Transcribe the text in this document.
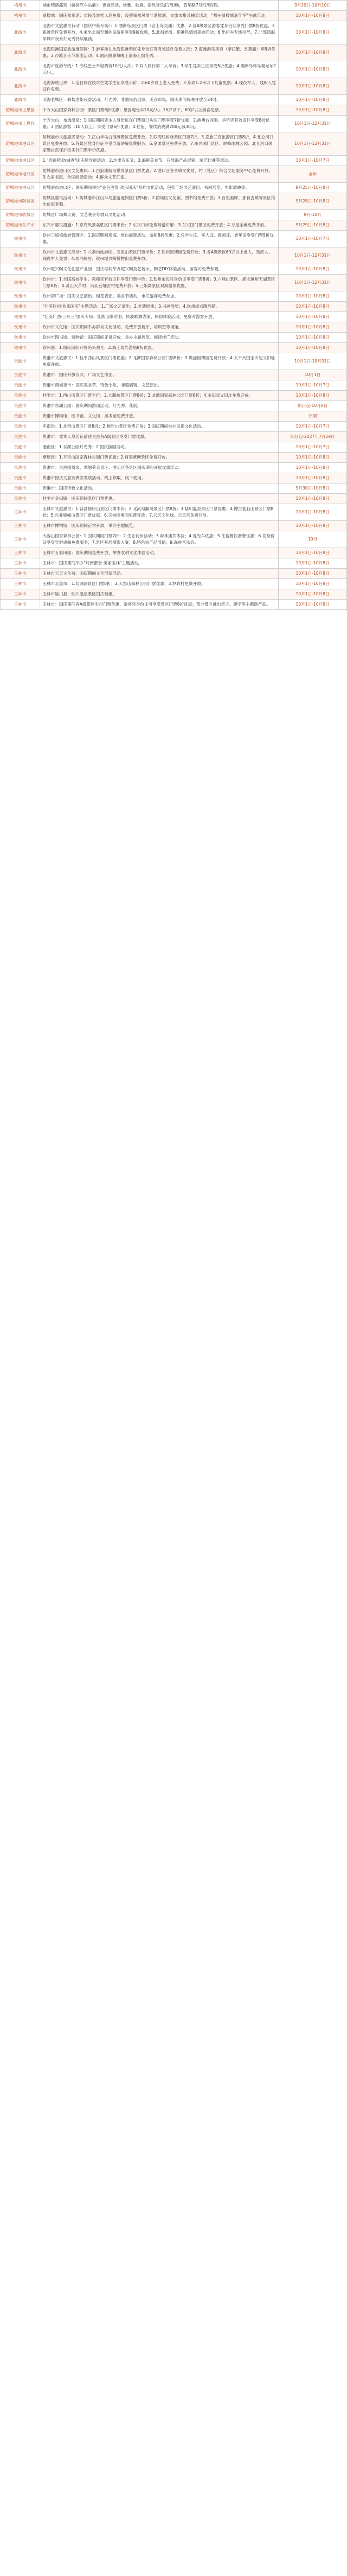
梧州市	城市啤酒露营（藤县汽车站前）：夜游活动、炮雅、歌舞、国风音乐汇/周/晚，普华路7号灯/周/晚。	9月29日-10月10日
梧州市	骑楼城：国庆欢乐派：市民及游客入场免费，设置骑楼风情非遗展演、文旅市集及抽奖活动，"梧州骑楼城嘉年华"主题活动。	10月1日-10月8日
北海市	北海市文旅惠民行动（国庆中秋专场）：1.涠洲岛景区门票（含上岛交通）优惠，2.各A级景区游客凭身份证享受门票8折优惠，3.银滩景区免费开放，4.乘坐北海至涠洲岛游船享受9折优惠，5.北海老街、侨港风情街夜游活动，6.出租车专线引导，7.北部湾海岸城市夜景灯光秀持续展演。	10月1日-10月8日
北海市	北海银滩国家旅游度假区：1.游客前往北海银滩景区凭身份证等有效证件免票入园；2.海滩游乐项目（摩托艇、香蕉船）享8折优惠；3.沙滩音乐节演出活动；4.国庆假期每晚上演海上烟花秀。	10月1日-10月8日
北海市	北海市旅游专线：1.专线巴士单程票价10元/人次；2.双人同行第二人半价；3.学生凭学生证享受5折优惠；4.涠洲岛环岛观光车2元/人。	10月1日-10月8日
北海市	北海海底世界：1.全日制在校学生凭学生证享受半价；2.60岁以上老人免费；3.身高1.2米以下儿童免票；4.现役军人、残疾人凭证件免票。	10月1日-10月8日
北海市	北海老城区：骑楼老街夜游活动，灯光秀、非遗民俗展演、美食市集，国庆期间每晚开放至24时。	10月1日-10月8日
防城港市上思县	十万大山国家森林公园：景区门票8折优惠；景区观光车10元/人；15岁以下、60岁以上游客免票。	10月1日-10月8日
防城港市上思县	十万大山、布透温泉：1.国庆期间凭本人身份证在门票窗口购买门票享受7折优惠；2.港澳台同胞、华侨凭有效证件享受8折优惠；3.团队游客（10人以上）享受门票6折优惠；4.住宿、餐饮消费满200元减30元。	10月1日-12月31日
防城港市港口区	防城港市文旅惠民活动：1.江山半岛白浪滩景区免费开放，2.西湾红树林景区门票7折，3.京族三岛旅游区门票8折，4.北仑河口景区免费开放，5.各景区凭身份证享受导游讲解免费服务，6.金滩景区免费开放，7.东兴国门景区、屏峰雨林公园、北仑河口国家级自然保护区实行门票半价优惠。	10月1日-12月31日
防城港市港口区	1."奔跑吧·防城港"国庆健身跑活动；2.沙滩音乐节；3.海鲜美食节，开展海产品展销、厨艺比赛等活动。	10月1日-10月7日
防城港市港口区	防城港市港口区文化惠民：1.白浪滩航母世界景区门票优惠；2.港口区各乡镇文化站、村（社区）综合文化服务中心免费开放；3.农家书屋、全民阅读活动；4.群众文艺汇演。	全年
防城港市港口区	防城港市港口区：国庆期间举办"金色港湾·欢乐国庆"系列文化活动，包括广场文艺演出、书画展览、电影放映等。	9月25日-10月8日
防城港市防城区	防城区惠民活动：1.防城港市江山半岛旅游度假区门票5折；2.防城区文化馆、图书馆免费开放；3.百里画廊、那良古镇等景区推出优惠套餐。	9月28日-10月8日
防城港市防城区	防城区广场舞大赛、文艺晚会等群众文化活动。	9月-10月
防城港市东兴市	东兴市惠民措施：1.京岛风景名胜区门票半价；2.东兴口岸免费导游讲解；3.东兴国门景区免费开放；4.万尾金滩免费开放。	9月29日-10月8日
钦州市	钦州三娘湾旅游管理区：1.国庆期间观海、赏白海豚活动，游船8折优惠；2.凭学生证、军人证、教师证、老年证享受门票5折优惠。	10月1日-10月7日
钦州市	钦州市文旅惠民活动：1.八寨沟旅游区、五皇山景区门票半价；2.钦州园博园免费开放；3.各A级景区60岁以上老人、残疾人、现役军人免票；4.刘冯故居、钦州坭兴陶博物馆免费开放。	10月1日-12月31日
钦州市	钦州坭兴陶文化创意产业园：国庆期间举办坭兴陶技艺展示、陶艺DIY体验活动，游客可免费参观。	10月1日-10月8日
钦州市	钦州市：1.全国高校学生、教师凭有效证件享受门票半价；2.钦州市民凭身份证享受门票8折；3.六峰山景区、浦北越州天湖景区门票8折；4.灵山大芦村、浦北石埇古村免费开放；5.三娘湾景区观海船票优惠。	10月1日-12月31日
钦州市	钦州湾广场：国庆文艺演出、烟花表演、美食节活动，市民游客免费参加。	10月1日-10月8日
钦州市	"壮美钦州·欢乐国庆"主题活动：1.广场文艺演出；2.非遗展演；3.书画展览；4.钦州坭兴陶展销。	10月1日-10月8日
钦州市	"壮美广西·三月三"国庆专场：壮族山歌对唱、民族歌舞表演、民俗体验活动，免费对游客开放。	10月1日-10月8日
钦州市	钦州市文化馆：国庆期间举办群众文化活动，免费开放展厅、培训室等场馆。	10月1日-10月8日
钦州市	钦州市图书馆、博物馆：国庆期间正常开放，举办主题展览、阅读推广活动。	10月1日-10月8日
钦州市	钦州港：1.国庆期间开放码头观光；2.海上观光游船8折优惠。	10月1日-10月8日
贵港市	贵港市文旅惠民：1.桂平西山风景区门票优惠；2.龙潭国家森林公园门票8折；3.贵港园博园免费开放；4.太平天国金田起义旧址免费开放。	10月1日-10月31日
贵港市	贵港市：国庆升旗仪式、广场文艺演出。	10月1日
贵港市	贵港市荷城夜市：国庆美食节，特色小吃、非遗展销、文艺演出。	10月1日-10月7日
贵港市	桂平市：1.西山风景区门票半价；2.大藤峡景区门票8折；3.龙潭国家森林公园门票8折；4.金田起义旧址免费开放。	10月1日-10月8日
贵港市	贵港市东湖公园：国庆期间游园活动，灯光秀、花展。	即日起-10月8日
贵港市	贵港市博物馆、图书馆、文化馆、美术馆免费开放。	长期
贵港市	平南县：1.北帝山景区门票8折；2.畅岩山景区免费开放；3.国庆期间举办民俗文化活动。	10月1日-10月7日
贵港市	贵港市：凭本人身份证前往贵港各A级景区享受门票优惠。	即日起-2027年7月29日
贵港市	港南区：1.东湖公园灯光秀；2.国庆游园活动。	10月1日-10月7日
贵港市	覃塘区：1.平天山国家森林公园门票优惠；2.荷美覃塘景区免费开放。	10月1日-10月8日
贵港市	贵港市：贵港园博园、覃塘荷美景区、港北区各景区国庆期间开展优惠活动。	10月1日-10月8日
贵港市	贵港市国庆文旅消费券发放活动，线上领取，线下使用。	10月1日-10月8日
贵港市	贵港市：国庆特色文化活动。	9月30日-10月8日
贵港市	桂平市金田镇：国庆期间景区门票优惠。	10月1日-10月8日
玉林市	玉林市文旅惠民：1.容县都峤山景区门票半价；2.北流勾漏洞景区门票8折；3.陆川温泉景区门票优惠；4.博白宴石山景区门票8折；5.兴业鹿峰山景区门票优惠；6.玉林园博园免费开放；7.云天文化城、云天宫免费开放。	10月1日-10月8日
玉林市	玉林市博物馆：国庆期间正常开放，举办主题展览。	10月1日-10月8日
玉林市	大容山国家森林公园：1.国庆期间门票7折；2.生态徒步活动；3.森林康养体验；4.观光车优惠；5.住宿餐饮套餐优惠；6.凭身份证享受导游讲解免费服务；7.景区开展摄影大赛；8.特色农产品展销；9.森林音乐会。	10月
玉林市	玉林市五彩田园：国庆期间免费开放，举办农耕文化体验活动。	10月1日-10月8日
玉林市	玉林市：国庆期间举办"岭南都会·美丽玉林"主题活动。	10月1日-10月8日
玉林市	玉林市云天文化城：国庆期间文化展演活动。	10月1日-10月8日
玉林市	玉林市北流市：1.勾漏洞景区门票8折；2.大容山森林公园门票优惠；3.罗政村免费开放。	10月1日-10月8日
玉林市	玉林市陆川县：陆川温泉景区国庆特惠。	10月1日-10月8日
玉林市	玉林市：国庆期间各A级景区实行门票优惠，游客凭身份证可享受景区门票8折优惠；部分景区推出亲子、研学等主题游产品。	10月1日-10月8日
